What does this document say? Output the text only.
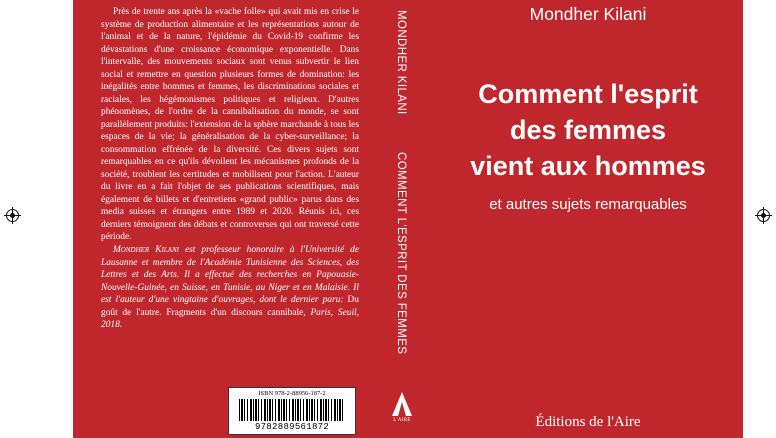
Près de trente ans après la «vache folle» qui avait mis en crise le système de production alimentaire et les représentations autour de l'animal et de la nature, l'épidémie du Covid-19 confirme les dévastations d'une croissance économique exponentielle. Dans l'intervalle, des mouvements sociaux sont venus subvertir le lien social et remettre en question plusieurs formes de domination: les inégalités entre hommes et femmes, les discriminations sociales et raciales, les hégémonismes politiques et religieux. D'autres phénomènes, de l'ordre de la cannibalisation du monde, se sont parallèlement produits: l'extension de la sphère marchande à tous les espaces de la vie; la généralisation de la cyber-surveillance; la consommation effrénée de la diversité. Ces divers sujets sont remarquables en ce qu'ils dévoilent les mécanismes profonds de la société, troublent les certitudes et mobilisent pour l'action. L'auteur du livre en a fait l'objet de ses publications scientifiques, mais également de billets et d'entretiens «grand public» parus dans des media suisses et étrangers entre 1989 et 2020. Réunis ici, ces derniers témoignent des débats et controverses qui ont traversé cette période.

Mondher Kilani est professeur honoraire à l'Université de Lausanne et membre de l'Académie Tunisienne des Sciences, des Lettres et des Arts. Il a effectué des recherches en Papouasie-Nouvelle-Guinée, en Suisse, en Tunisie, au Niger et en Malaisie. Il est l'auteur d'une vingtaine d'ouvrages, dont le dernier paru: Du goût de l'autre. Fragments d'un discours cannibale, Paris, Seuil, 2018.

ISBN 978-2-88956-187-2
9782889561872
MONDHER KILANI
COMMENT L'ESPRIT DES FEMMES
L'AIRE

Mondher Kilani

Comment l'esprit
des femmes
vient aux hommes

et autres sujets remarquables

Éditions de l'Aire
